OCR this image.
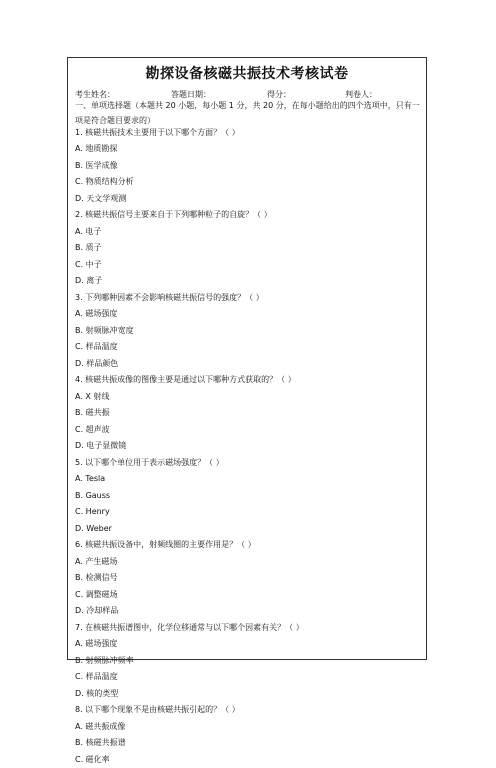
勘探设备核磁共振技术考核试卷
考生姓名：	答题日期：	得分：	判卷人：
一、单项选择题（本题共 20 小题，每小题 1 分，共 20 分，在每小题给出的四个选项中，只有一项是符合题目要求的）
1. 核磁共振技术主要用于以下哪个方面？（ ）
A. 地质勘探
B. 医学成像
C. 物质结构分析
D. 天文学观测
2. 核磁共振信号主要来自于下列哪种粒子的自旋？（ ）
A. 电子
B. 质子
C. 中子
D. 离子
3. 下列哪种因素不会影响核磁共振信号的强度？（ ）
A. 磁场强度
B. 射频脉冲宽度
C. 样品温度
D. 样品颜色
4. 核磁共振成像的图像主要是通过以下哪种方式获取的？（ ）
A. X 射线
B. 磁共振
C. 超声波
D. 电子显微镜
5. 以下哪个单位用于表示磁场强度？（ ）
A. Tesla
B. Gauss
C. Henry
D. Weber
6. 核磁共振设备中，射频线圈的主要作用是？（ ）
A. 产生磁场
B. 检测信号
C. 调整磁场
D. 冷却样品
7. 在核磁共振谱图中，化学位移通常与以下哪个因素有关？（ ）
A. 磁场强度
B. 射频脉冲频率
C. 样品温度
D. 核的类型
8. 以下哪个现象不是由核磁共振引起的？（ ）
A. 磁共振成像
B. 核磁共振谱
C. 磁化率
